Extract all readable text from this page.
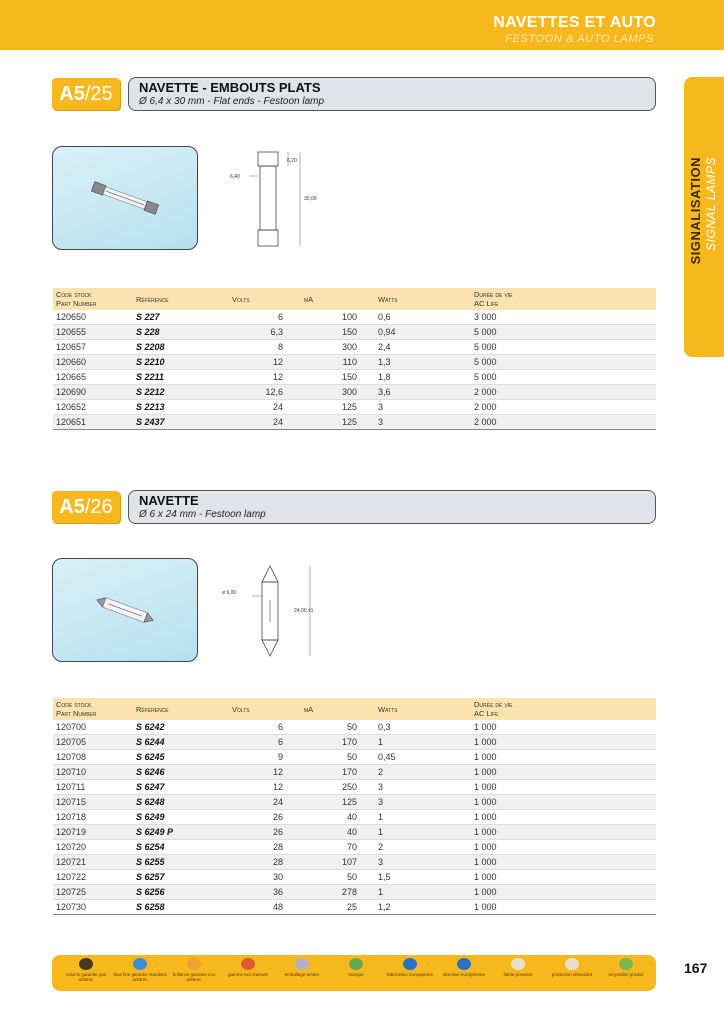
NAVETTES ET AUTO
FESTOON & AUTO LAMPS
SIGNALISATION SIGNAL LAMPS
A5/25	NAVETTE - EMBOUTS PLATS
Ø 6,4 x 30 mm - Flat ends - Festoon lamp
6,40
6,20
30,00
Code stock
Part Number	Référence	Volts	mA	Watts	Durée de vie
AC Life
120650	S 227	6	100	0,6	3 000
120655	S 228	6,3	150	0,94	5 000
120657	S 2208	8	300	2,4	5 000
120660	S 2210	12	110	1,3	5 000
120665	S 2211	12	150	1,8	5 000
120690	S 2212	12,6	300	3,6	2 000
120652	S 2213	24	125	3	2 000
120651	S 2437	24	125	3	2 000
A5/26	NAVETTE
Ø 6 x 24 mm - Festoon lamp
ø 6,00
24,00 ±1
Code stock
Part Number	Référence	Volts	mA	Watts	Durée de vie
AC Life
120700	S 6242	6	50	0,3	1 000
120705	S 6244	6	170	1	1 000
120708	S 6245	9	50	0,45	1 000
120710	S 6246	12	170	2	1 000
120711	S 6247	12	250	3	1 000
120715	S 6248	24	125	3	1 000
120718	S 6249	26	40	1	1 000
120719	S 6249 P	26	40	1	1 000
120720	S 6254	28	70	2	1 000
120721	S 6255	28	107	3	1 000
120722	S 6257	30	50	1,5	1 000
120725	S 6256	36	278	1	1 000
120730	S 6258	48	25	1,2	1 000
color/iv garantie pas arbitrec
blue line garantie standard arbitrec
brillance garantie eco arbitrec
gamme eco-mesure	emballage neutre	marque	fabrication européenne	directive européenne	faible pression	protection ultraviolet	recyclable produit	167
